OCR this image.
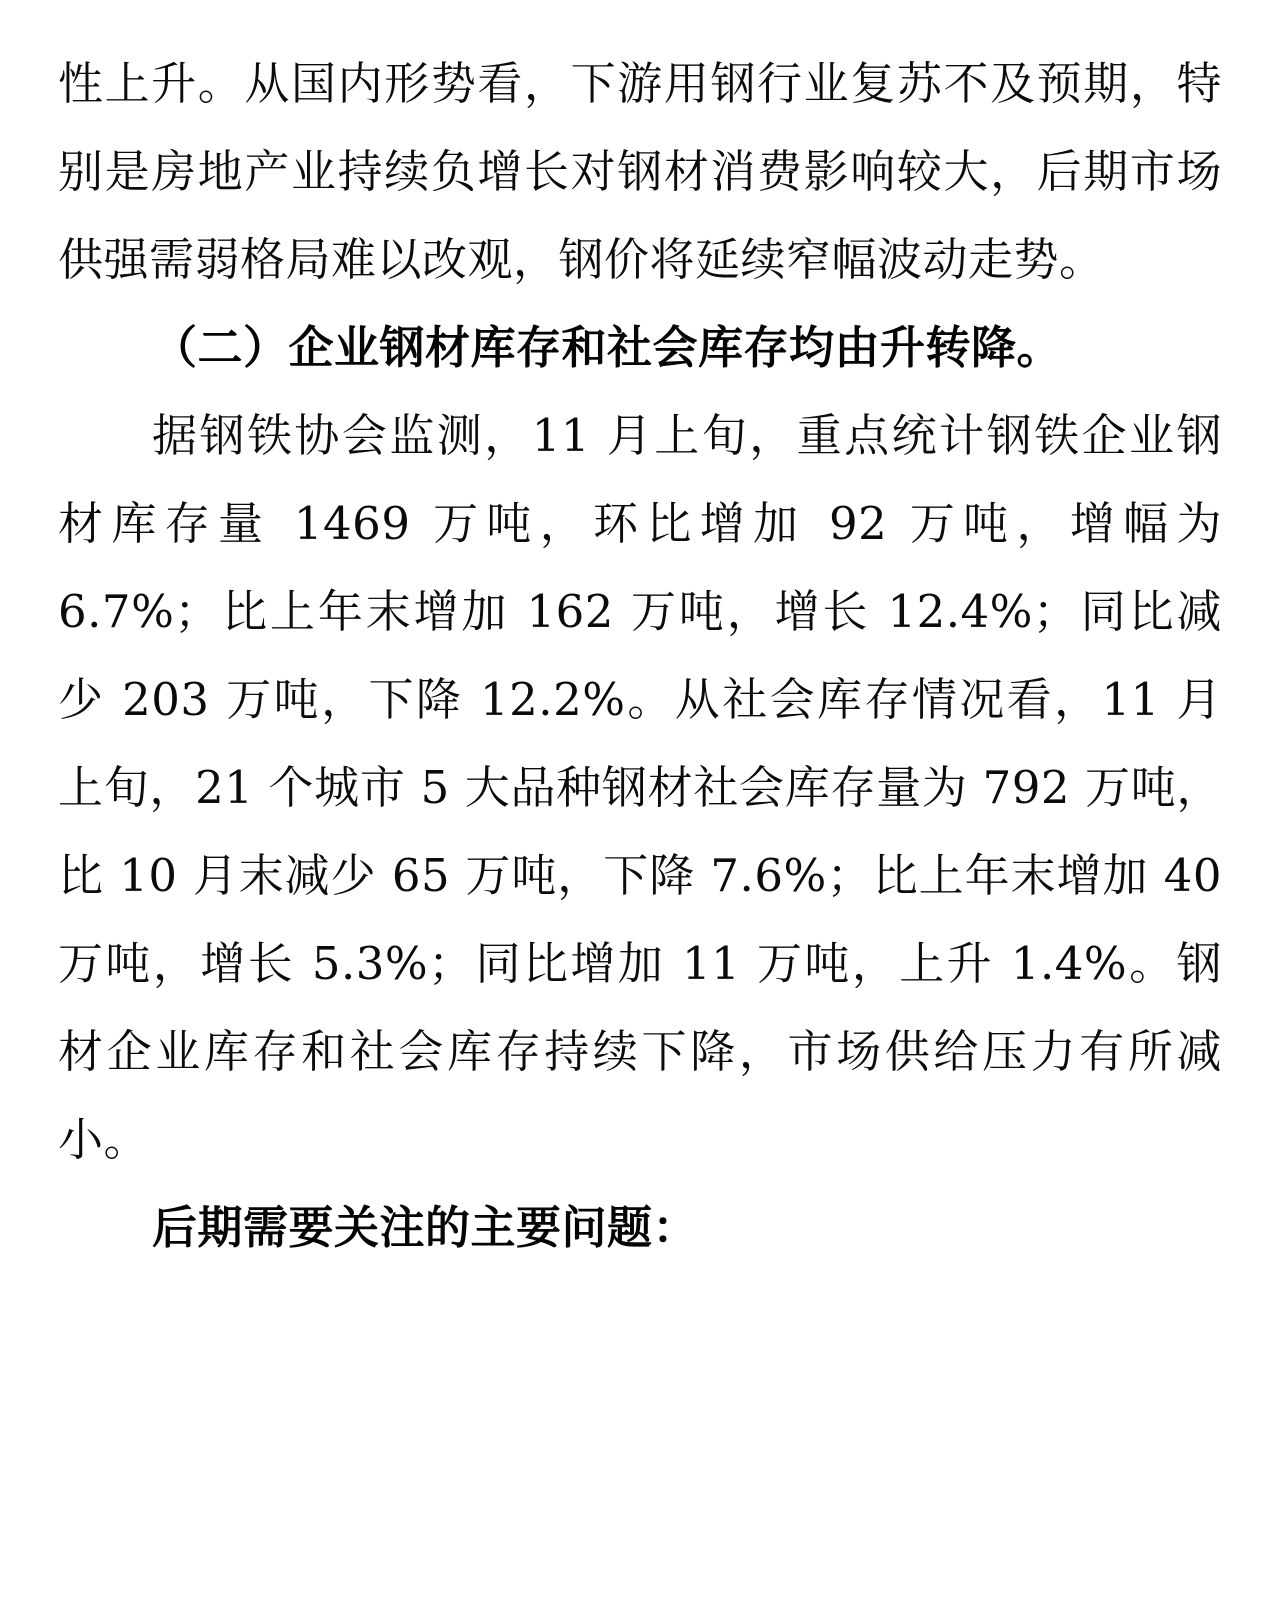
性上升。从国内形势看，下游用钢行业复苏不及预期，特别是房地产业持续负增长对钢材消费影响较大，后期市场供强需弱格局难以改观，钢价将延续窄幅波动走势。

（二）企业钢材库存和社会库存均由升转降。

据钢铁协会监测，11 月上旬，重点统计钢铁企业钢材库存量 1469 万吨，环比增加 92 万吨，增幅为 6.7%；比上年末增加 162 万吨，增长 12.4%；同比减少 203 万吨，下降 12.2%。从社会库存情况看，11 月上旬，21 个城市 5 大品种钢材社会库存量为 792 万吨，比 10 月末减少 65 万吨，下降 7.6%；比上年末增加 40 万吨，增长 5.3%；同比增加 11 万吨，上升 1.4%。钢材企业库存和社会库存持续下降，市场供给压力有所减小。

后期需要关注的主要问题：
